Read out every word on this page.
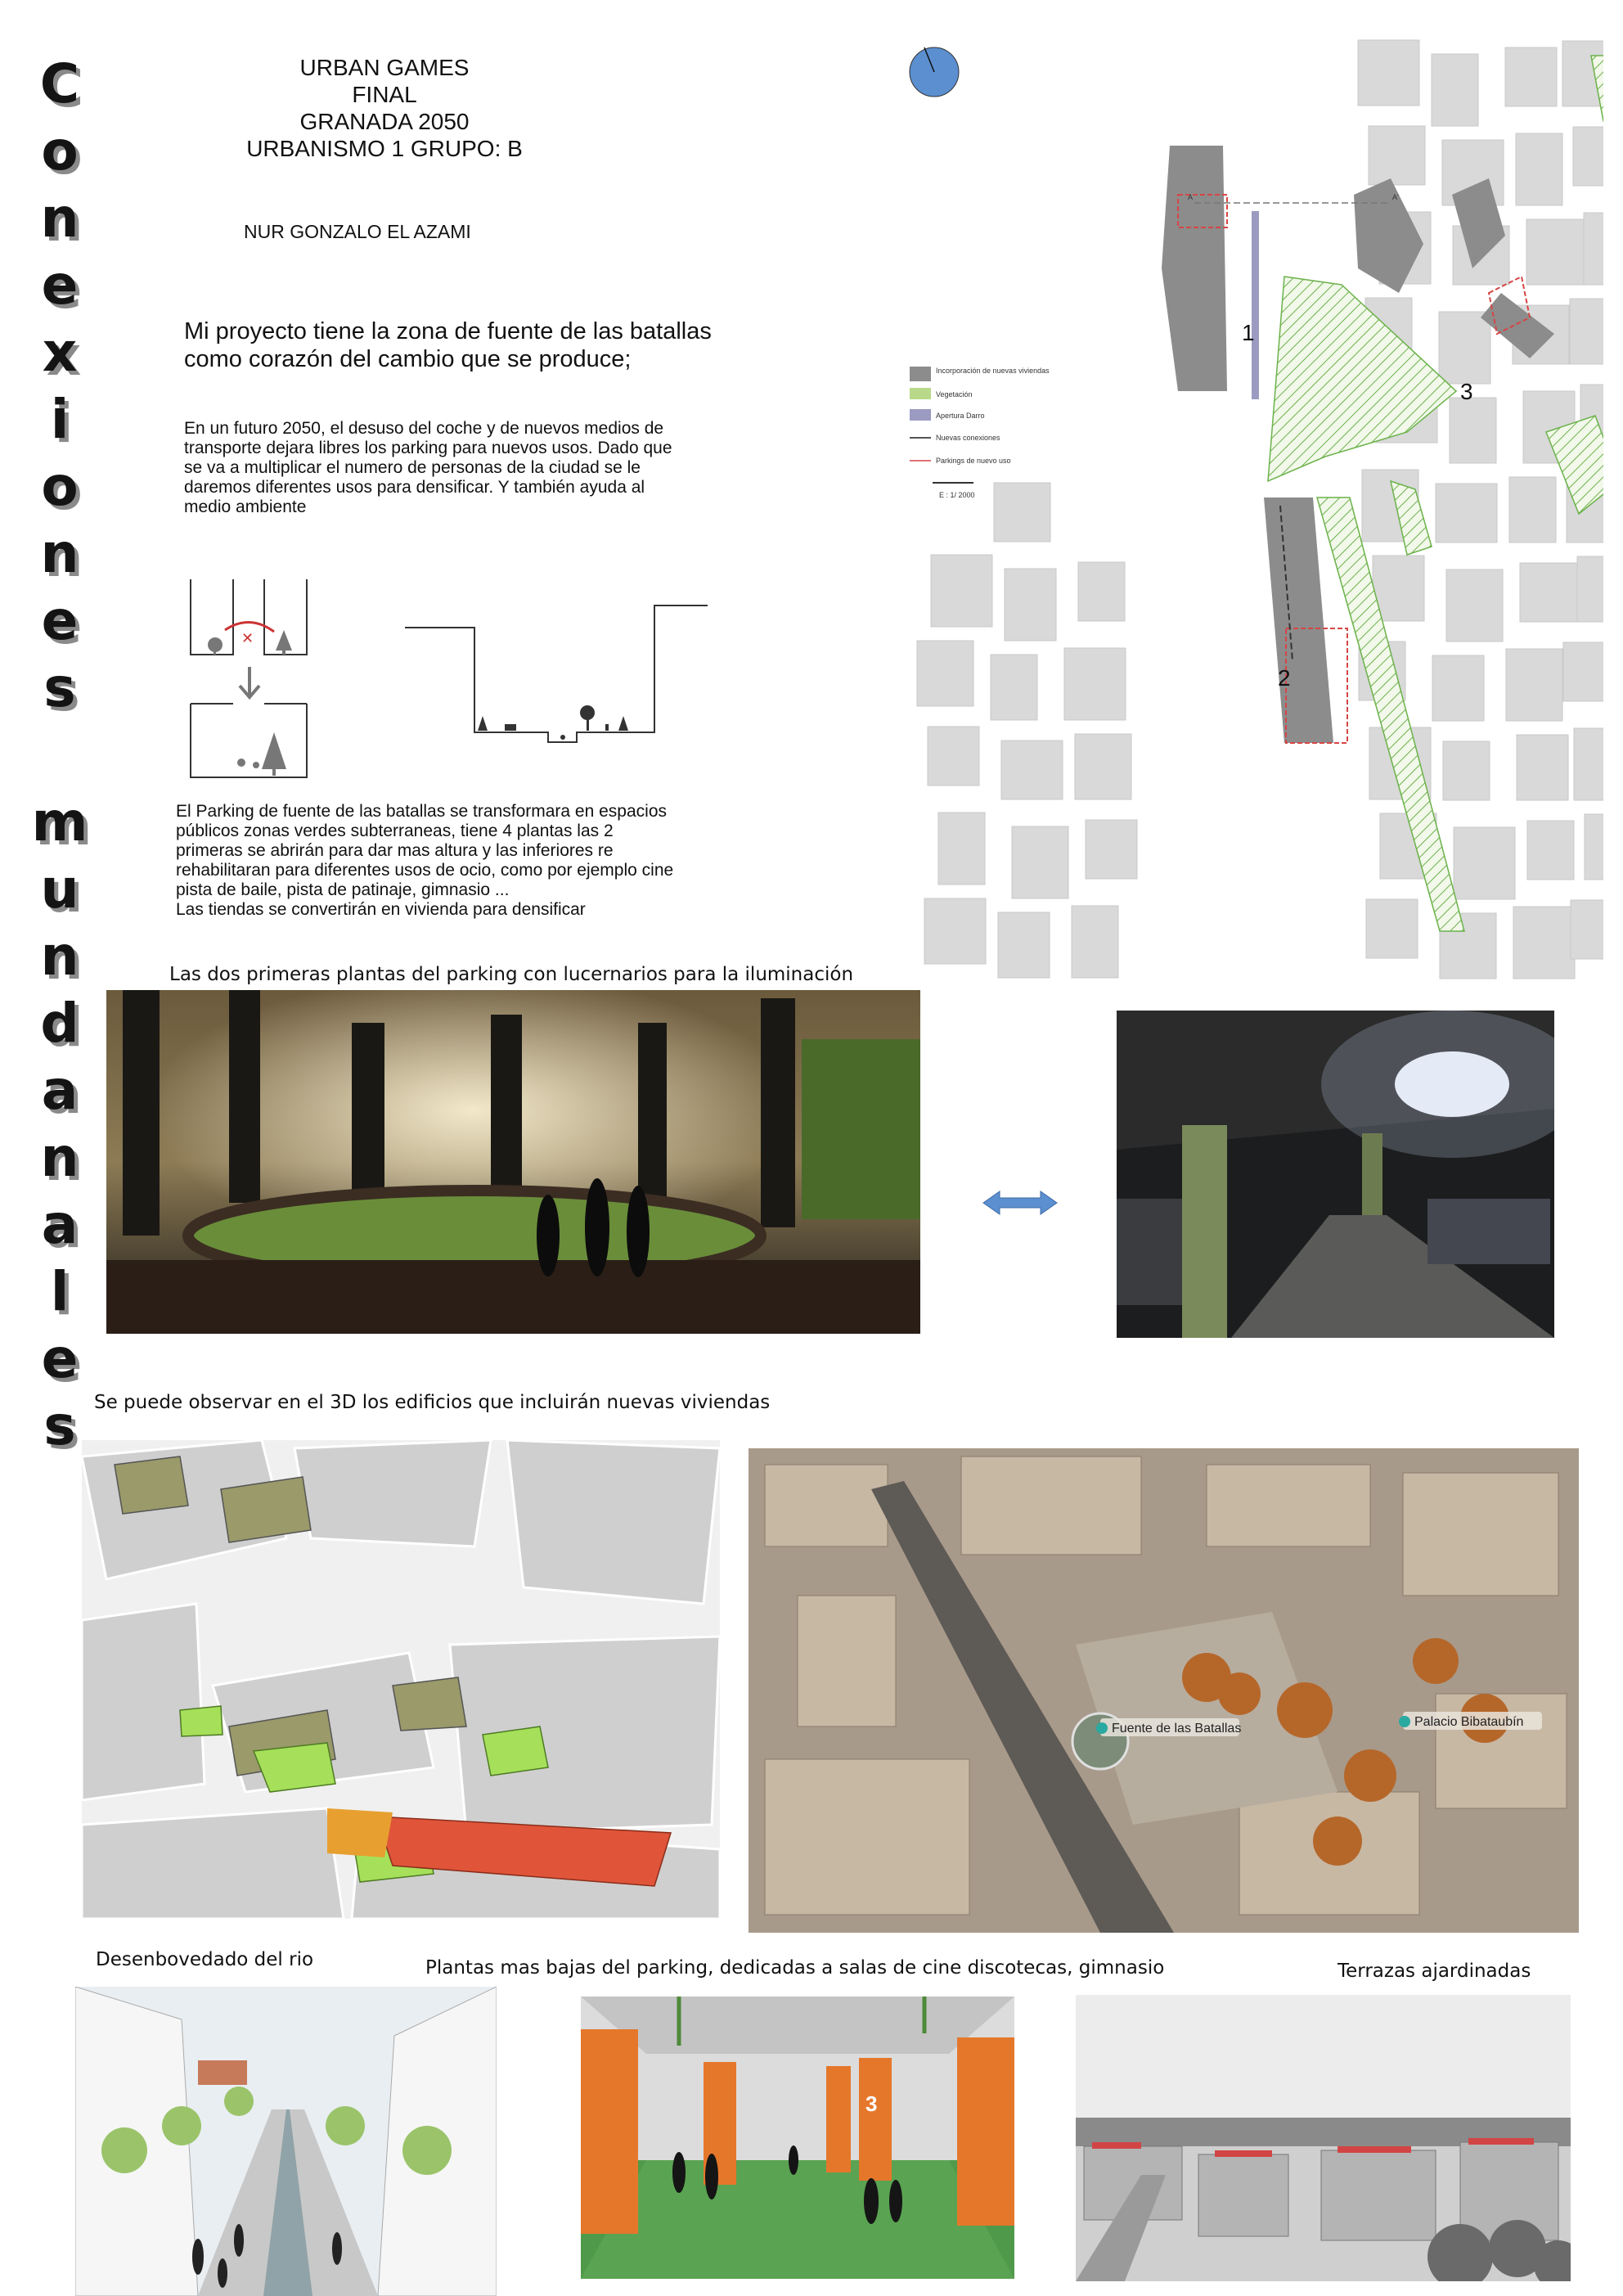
C
o
n
e
x
i
o
n
e
s
m
u
n
d
a
n
a
l
e
s
URBAN GAMES
FINAL
GRANADA 2050
URBANISMO 1 GRUPO: B
NUR GONZALO EL AZAMI
Mi proyecto tiene la zona de fuente de las batallas como corazón del cambio que se produce;
En un futuro 2050, el desuso del coche y de nuevos medios de transporte dejara libres los parking para nuevos usos. Dado que se va a multiplicar el numero de personas de la ciudad se le daremos diferentes usos para densificar. Y también ayuda al medio ambiente
✕
El Parking de fuente de las batallas se transformara en espacios públicos zonas verdes subterraneas, tiene 4 plantas las 2 primeras se abrirán para dar mas altura y las inferiores re rehabilitaran para diferentes usos de ocio, como por ejemplo cine pista de baile, pista de patinaje, gimnasio ...
Las tiendas se convertirán en vivienda para densificar
Incorporación de nuevas viviendas
Vegetación
Apertura Darro
Nuevas conexiones
Parkings de nuevo uso
E : 1/ 2000
A	A'
1
2
3
Las dos primeras plantas del parking con lucernarios para la iluminación
Se puede observar en el 3D los edificios que incluirán nuevas viviendas
Fuente de las Batallas	Palacio Bibataubín
Desenbovedado del rio	Plantas mas bajas del parking, dedicadas a salas de cine discotecas, gimnasio	Terrazas ajardinadas
3
